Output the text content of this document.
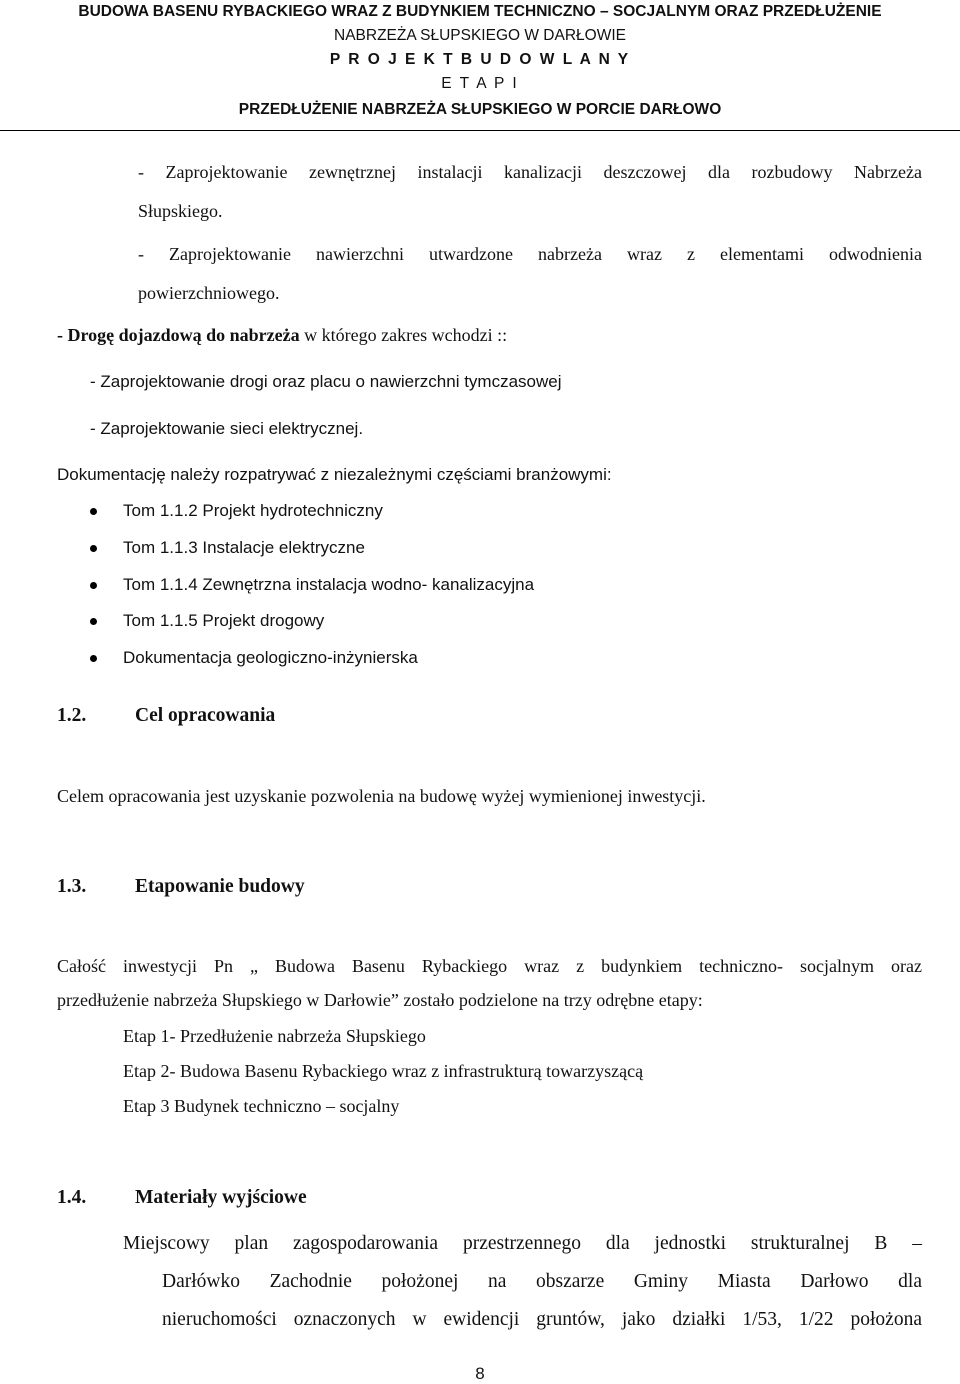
BUDOWA BASENU RYBACKIEGO WRAZ Z BUDYNKIEM TECHNICZNO – SOCJALNYM ORAZ PRZEDŁUŻENIE
NABRZEŻA SŁUPSKIEGO W DARŁOWIE
P R O J E K T B U D O W L A N Y
E T A P I
PRZEDŁUŻENIE NABRZEŻA SŁUPSKIEGO W PORCIE DARŁOWO
- Zaprojektowanie zewnętrznej instalacji kanalizacji deszczowej dla rozbudowy Nabrzeża
Słupskiego.
- Zaprojektowanie nawierzchni utwardzone nabrzeża wraz z elementami odwodnienia
powierzchniowego.
- Drogę dojazdową do nabrzeża w którego zakres wchodzi ::
- Zaprojektowanie drogi oraz placu o nawierzchni tymczasowej
- Zaprojektowanie sieci elektrycznej.
Dokumentację należy rozpatrywać z niezależnymi częściami branżowymi:
Tom 1.1.2 Projekt hydrotechniczny
Tom 1.1.3 Instalacje elektryczne
Tom 1.1.4 Zewnętrzna instalacja wodno- kanalizacyjna
Tom 1.1.5 Projekt drogowy
Dokumentacja geologiczno-inżynierska
1.2.	Cel opracowania
Celem opracowania jest uzyskanie pozwolenia na budowę wyżej wymienionej inwestycji.
1.3.	Etapowanie budowy
Całość inwestycji Pn „ Budowa Basenu Rybackiego wraz z budynkiem techniczno- socjalnym oraz
przedłużenie nabrzeża Słupskiego w Darłowie” zostało podzielone na trzy odrębne etapy:
Etap 1- Przedłużenie nabrzeża Słupskiego
Etap 2- Budowa Basenu Rybackiego wraz z infrastrukturą towarzyszącą
Etap 3 Budynek techniczno – socjalny
1.4.	Materiały wyjściowe
Miejscowy plan zagospodarowania przestrzennego dla jednostki strukturalnej B –
Darłówko Zachodnie położonej na obszarze Gminy Miasta Darłowo dla
nieruchomości oznaczonych w ewidencji gruntów, jako działki 1/53, 1/22 położona
8
